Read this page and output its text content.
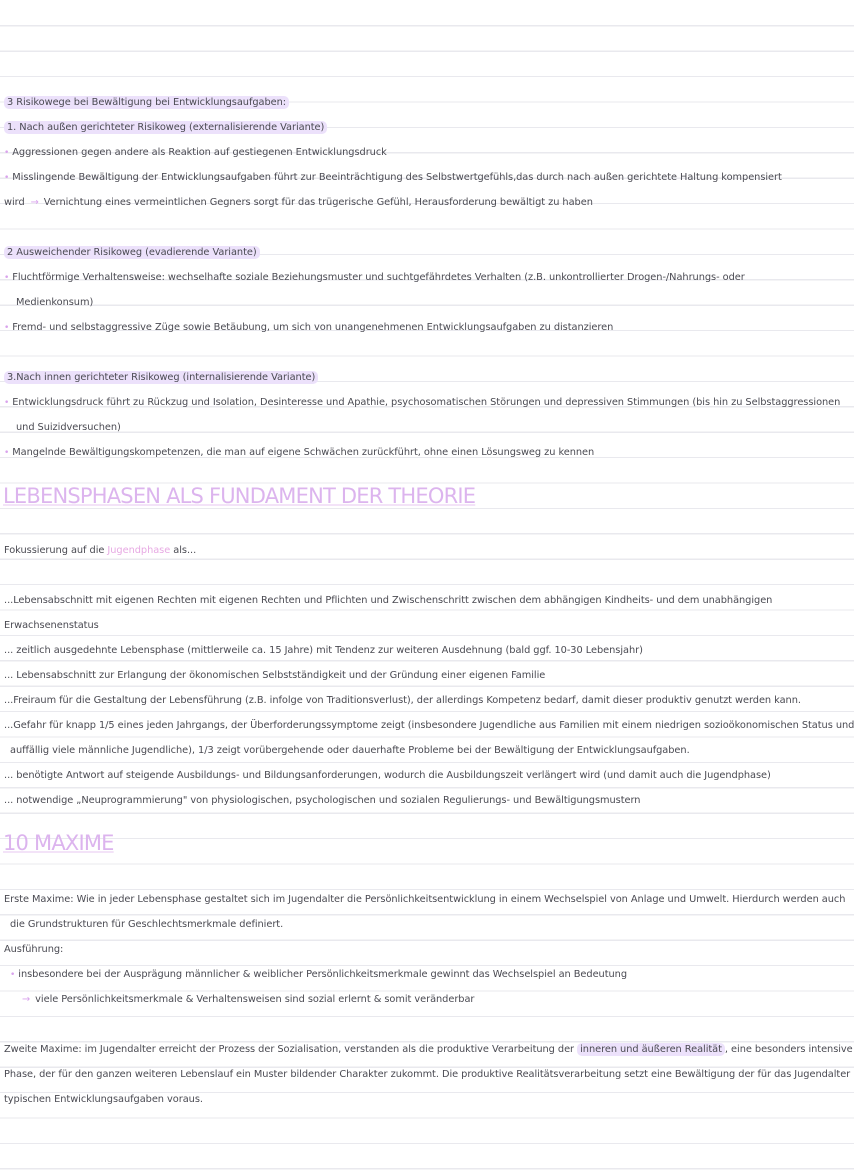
3 Risikowege bei Bewältigung bei Entwicklungsaufgaben:
1. Nach außen gerichteter Risikoweg (externalisierende Variante)
• Aggressionen gegen andere als Reaktion auf gestiegenen Entwicklungsdruck
• Misslingende Bewältigung der Entwicklungsaufgaben führt zur Beeinträchtigung des Selbstwertgefühls,das durch nach außen gerichtete Haltung kompensiert
wird → Vernichtung eines vermeintlichen Gegners sorgt für das trügerische Gefühl, Herausforderung bewältigt zu haben
2 Ausweichender Risikoweg (evadierende Variante)
• Fluchtförmige Verhaltensweise: wechselhafte soziale Beziehungsmuster und suchtgefährdetes Verhalten (z.B. unkontrollierter Drogen-/Nahrungs- oder
Medienkonsum)
• Fremd- und selbstaggressive Züge sowie Betäubung, um sich von unangenehmenen Entwicklungsaufgaben zu distanzieren
3.Nach innen gerichteter Risikoweg (internalisierende Variante)
• Entwicklungsdruck führt zu Rückzug und Isolation, Desinteresse und Apathie, psychosomatischen Störungen und depressiven Stimmungen (bis hin zu Selbstaggressionen
und Suizidversuchen)
• Mangelnde Bewältigungskompetenzen, die man auf eigene Schwächen zurückführt, ohne einen Lösungsweg zu kennen
LEBENSPHASEN ALS FUNDAMENT DER THEORIE
Fokussierung auf die Jugendphase als...
...Lebensabschnitt mit eigenen Rechten mit eigenen Rechten und Pflichten und Zwischenschritt zwischen dem abhängigen Kindheits- und dem unabhängigen
Erwachsenenstatus
... zeitlich ausgedehnte Lebensphase (mittlerweile ca. 15 Jahre) mit Tendenz zur weiteren Ausdehnung (bald ggf. 10-30 Lebensjahr)
... Lebensabschnitt zur Erlangung der ökonomischen Selbstständigkeit und der Gründung einer eigenen Familie
...Freiraum für die Gestaltung der Lebensführung (z.B. infolge von Traditionsverlust), der allerdings Kompetenz bedarf, damit dieser produktiv genutzt werden kann.
...Gefahr für knapp 1/5 eines jeden Jahrgangs, der Überforderungssymptome zeigt (insbesondere Jugendliche aus Familien mit einem niedrigen sozioökonomischen Status und
auffällig viele männliche Jugendliche), 1/3 zeigt vorübergehende oder dauerhafte Probleme bei der Bewältigung der Entwicklungsaufgaben.
... benötigte Antwort auf steigende Ausbildungs- und Bildungsanforderungen, wodurch die Ausbildungszeit verlängert wird (und damit auch die Jugendphase)
... notwendige „Neuprogrammierung" von physiologischen, psychologischen und sozialen Regulierungs- und Bewältigungsmustern
10 MAXIME
Erste Maxime: Wie in jeder Lebensphase gestaltet sich im Jugendalter die Persönlichkeitsentwicklung in einem Wechselspiel von Anlage und Umwelt. Hierdurch werden auch
die Grundstrukturen für Geschlechtsmerkmale definiert.
Ausführung:
• insbesondere bei der Ausprägung männlicher & weiblicher Persönlichkeitsmerkmale gewinnt das Wechselspiel an Bedeutung
→ viele Persönlichkeitsmerkmale & Verhaltensweisen sind sozial erlernt & somit veränderbar
Zweite Maxime: im Jugendalter erreicht der Prozess der Sozialisation, verstanden als die produktive Verarbeitung der inneren und äußeren Realität , eine besonders intensive
Phase, der für den ganzen weiteren Lebenslauf ein Muster bildender Charakter zukommt. Die produktive Realitätsverarbeitung setzt eine Bewältigung der für das Jugendalter
typischen Entwicklungsaufgaben voraus.
